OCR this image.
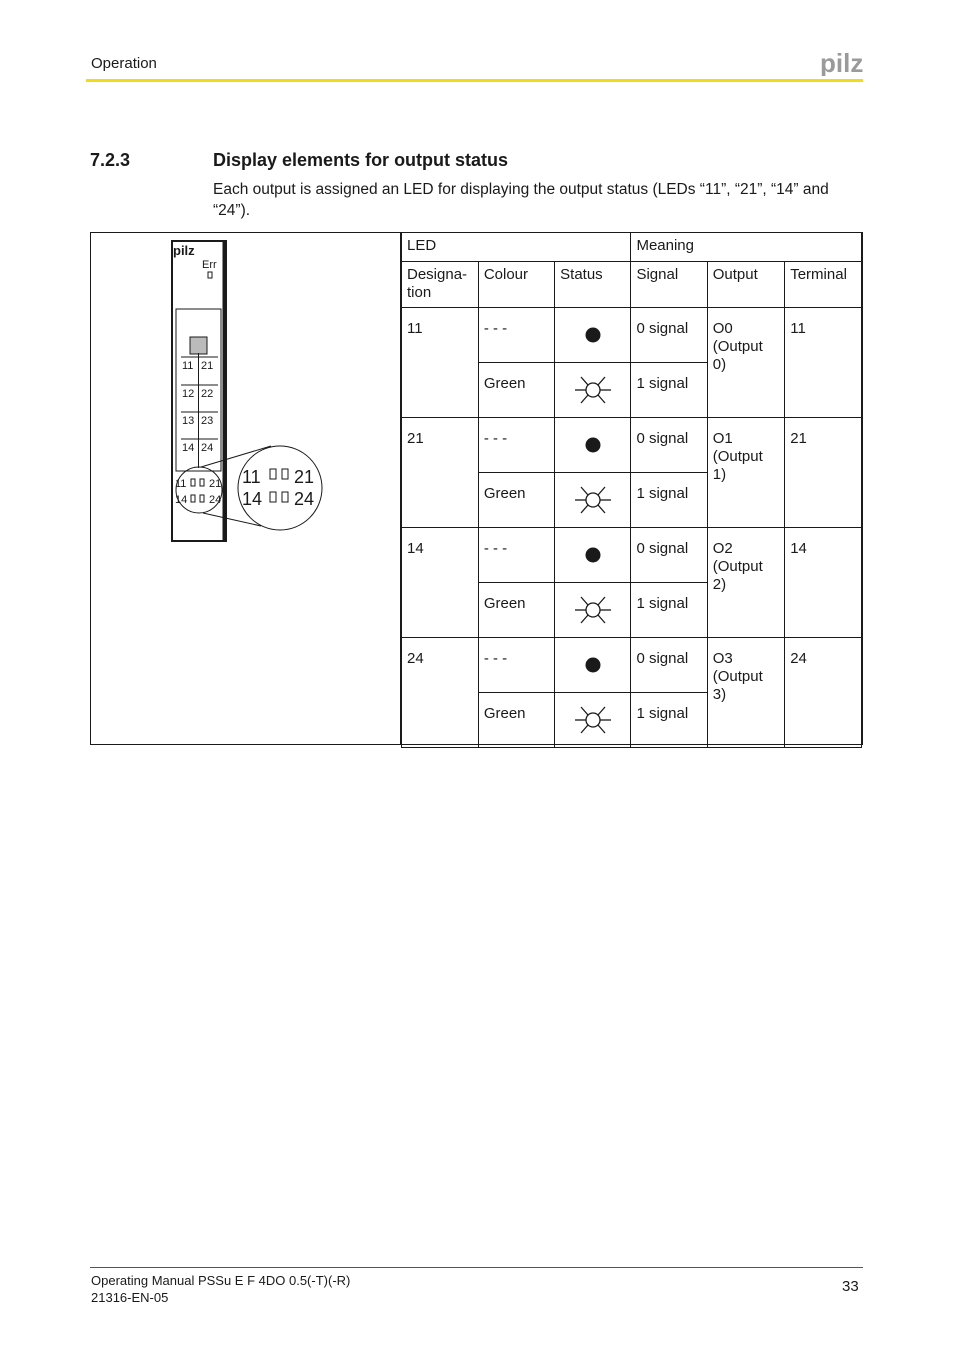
Operation	pilz
7.2.3	Display elements for output status
Each output is assigned an LED for displaying the output status (LEDs “11”, “21”, “14” and “24”).
pilz
Err
11 21
12 22
13 23
14 24
11 21
14 24
11 21
14 24
LED			Meaning		
Designa-tion	Colour	Status	Signal	Output	Terminal
11	- - -		0 signal	O0 (Output 0)	11
	Green		1 signal		
21	- - -		0 signal	O1 (Output 1)	21
	Green		1 signal		
14	- - -		0 signal	O2 (Output 2)	14
	Green		1 signal		
24	- - -		0 signal	O3 (Output 3)	24
	Green		1 signal		
Operating Manual PSSu E F 4DO 0.5(-T)(-R)
21316-EN-05
33
